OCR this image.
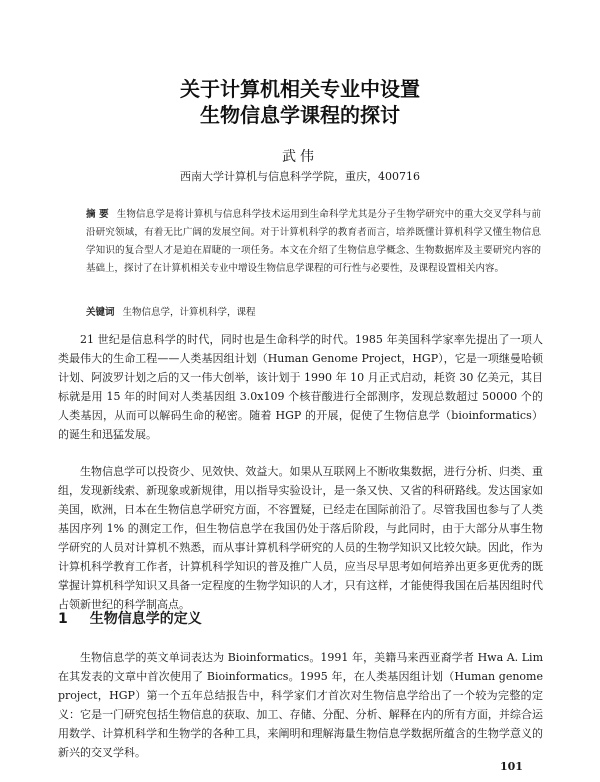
关于计算机相关专业中设置
生物信息学课程的探讨
武伟
西南大学计算机与信息科学学院，重庆，400716
摘 要 生物信息学是将计算机与信息科学技术运用到生命科学尤其是分子生物学研究中的重大交叉学科与前沿研究领域，有着无比广阔的发展空间。对于计算机科学的教育者而言，培养既懂计算机科学又懂生物信息学知识的复合型人才是迫在眉睫的一项任务。本文在介绍了生物信息学概念、生物数据库及主要研究内容的基础上，探讨了在计算机相关专业中增设生物信息学课程的可行性与必要性，及课程设置相关内容。
关键词 生物信息学，计算机科学，课程
21 世纪是信息科学的时代，同时也是生命科学的时代。1985 年美国科学家率先提出了一项人类最伟大的生命工程——人类基因组计划（Human Genome Project，HGP），它是一项继曼哈顿计划、阿波罗计划之后的又一伟大创举，该计划于 1990 年 10 月正式启动，耗资 30 亿美元，其目标就是用 15 年的时间对人类基因组 3.0x109 个核苷酸进行全部测序，发现总数超过 50000 个的人类基因，从而可以解码生命的秘密。随着 HGP 的开展，促使了生物信息学（bioinformatics）的诞生和迅猛发展。
生物信息学可以投资少、见效快、效益大。如果从互联网上不断收集数据，进行分析、归类、重组，发现新线索、新现象或新规律，用以指导实验设计，是一条又快、又省的科研路线。发达国家如美国，欧洲，日本在生物信息学研究方面，不容置疑，已经走在国际前沿了。尽管我国也参与了人类基因序列 1% 的测定工作，但生物信息学在我国仍处于落后阶段，与此同时，由于大部分从事生物学研究的人员对计算机不熟悉，而从事计算机科学研究的人员的生物学知识又比较欠缺。因此，作为计算机科学教育工作者，计算机科学知识的普及推广人员，应当尽早思考如何培养出更多更优秀的既掌握计算机科学知识又具备一定程度的生物学知识的人才，只有这样，才能使得我国在后基因组时代占领新世纪的科学制高点。
1 生物信息学的定义
生物信息学的英文单词表达为 Bioinformatics。1991 年，美籍马来西亚裔学者 Hwa A. Lim 在其发表的文章中首次使用了 Bioinformatics。1995 年，在人类基因组计划（Human genome project，HGP）第一个五年总结报告中，科学家们才首次对生物信息学给出了一个较为完整的定义：它是一门研究包括生物信息的获取、加工、存储、分配、分析、解释在内的所有方面，并综合运用数学、计算机科学和生物学的各种工具，来阐明和理解海量生物信息学数据所蕴含的生物学意义的新兴的交叉学科。
101
